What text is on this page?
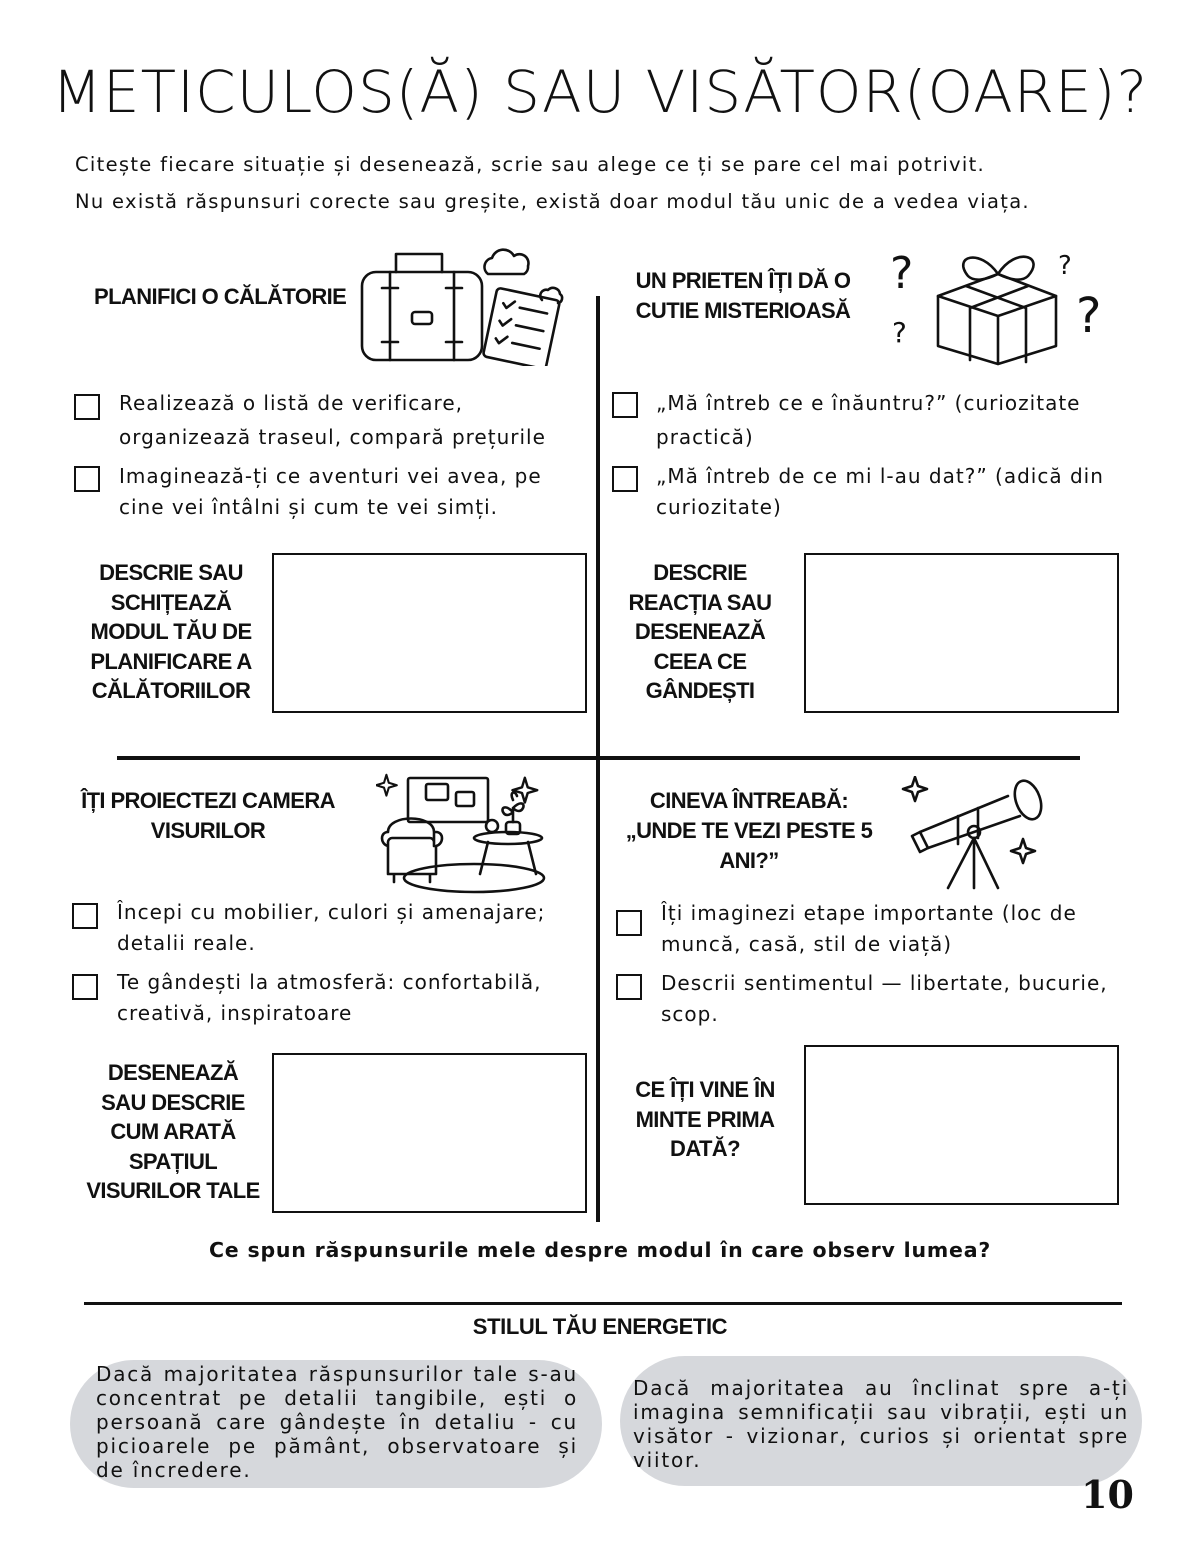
METICULOS(Ă) SAU VISĂTOR(OARE)?
Citește fiecare situație și desenează, scrie sau alege ce ți se pare cel mai potrivit.
Nu există răspunsuri corecte sau greșite, există doar modul tău unic de a vedea viața.
PLANIFICI O CĂLĂTORIE
Realizează o listă de verificare,
organizează traseul, compară prețurile
Imaginează-ți ce aventuri vei avea, pe
cine vei întâlni și cum te vei simți.
DESCRIE SAU
SCHIȚEAZĂ
MODUL TĂU DE
PLANIFICARE A
CĂLĂTORIILOR
UN PRIETEN ÎȚI DĂ O
CUTIE MISTERIOASĂ
?
?
?
?
„Mă întreb ce e înăuntru?” (curiozitate
practică)
„Mă întreb de ce mi l-au dat?” (adică din
curiozitate)
DESCRIE
REACȚIA SAU
DESENEAZĂ
CEEA CE
GÂNDEȘTI
ÎȚI PROIECTEZI CAMERA
VISURILOR
Începi cu mobilier, culori și amenajare;
detalii reale.
Te gândești la atmosferă: confortabilă,
creativă, inspiratoare
DESENEAZĂ
SAU DESCRIE
CUM ARATĂ
SPAȚIUL
VISURILOR TALE
CINEVA ÎNTREABĂ:
„UNDE TE VEZI PESTE 5
ANI?”
Îți imaginezi etape importante (loc de
muncă, casă, stil de viață)
Descrii sentimentul — libertate, bucurie,
scop.
CE ÎȚI VINE ÎN
MINTE PRIMA
DATĂ?
Ce spun răspunsurile mele despre modul în care observ lumea?
STILUL TĂU ENERGETIC
Dacă majoritatea răspunsurilor tale s-au concentrat pe detalii tangibile, ești o persoană care gândește în detaliu - cu picioarele pe pământ, observatoare și de încredere.
Dacă majoritatea au înclinat spre a-ți imagina semnificații sau vibrații, ești un visător - vizionar, curios și orientat spre viitor.
10
